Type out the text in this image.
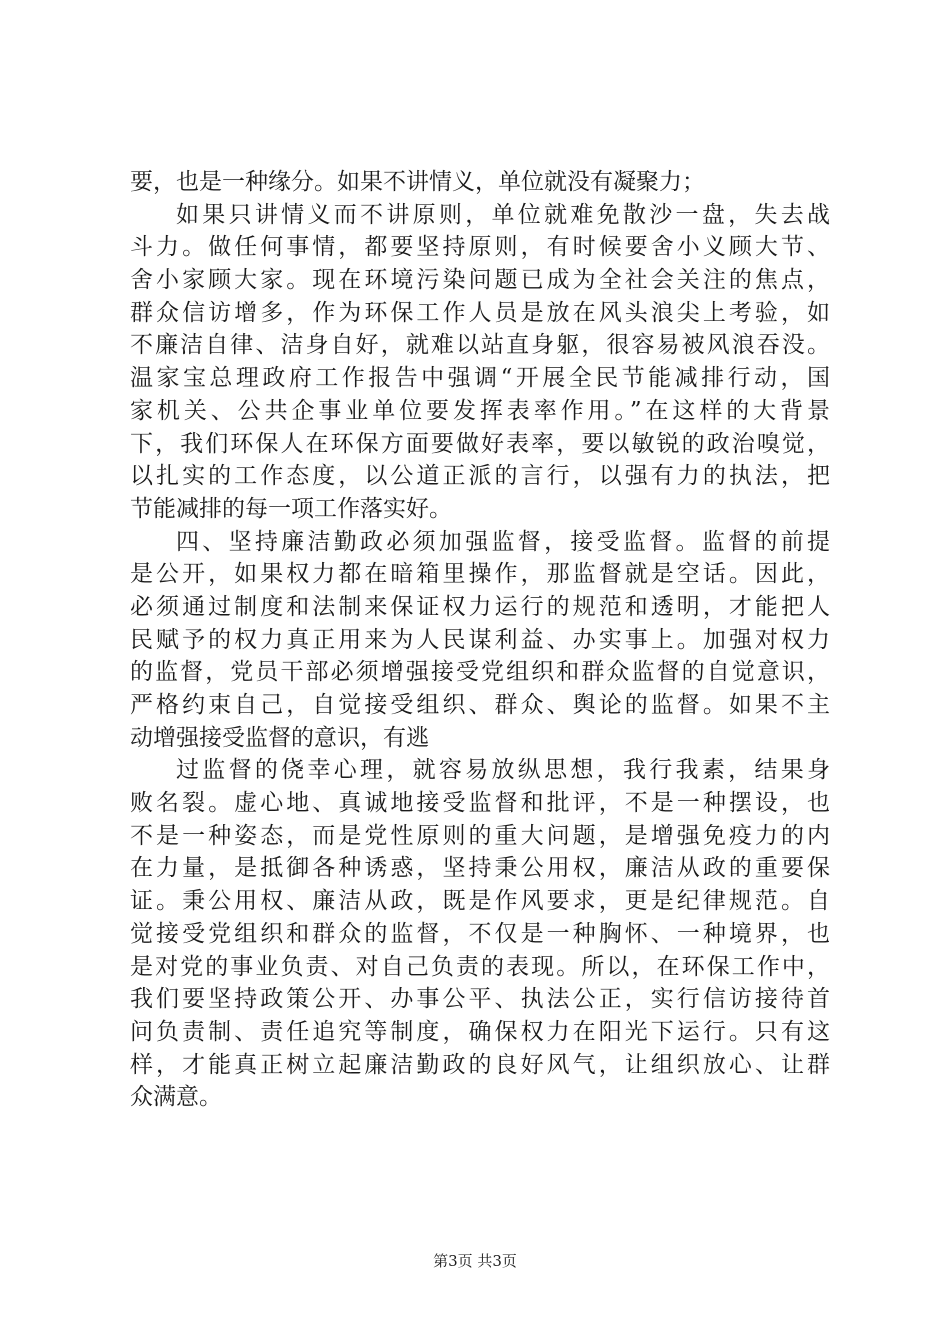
要，也是一种缘分。如果不讲情义，单位就没有凝聚力；
如果只讲情义而不讲原则，单位就难免散沙一盘，失去战
斗力。做任何事情，都要坚持原则，有时候要舍小义顾大节、
舍小家顾大家。现在环境污染问题已成为全社会关注的焦点，
群众信访增多，作为环保工作人员是放在风头浪尖上考验，如
不廉洁自律、洁身自好，就难以站直身躯，很容易被风浪吞没。
温家宝总理政府工作报告中强调“开展全民节能减排行动，国
家机关、公共企事业单位要发挥表率作用。”在这样的大背景
下，我们环保人在环保方面要做好表率，要以敏锐的政治嗅觉，
以扎实的工作态度，以公道正派的言行，以强有力的执法，把
节能减排的每一项工作落实好。
四、坚持廉洁勤政必须加强监督，接受监督。监督的前提
是公开，如果权力都在暗箱里操作，那监督就是空话。因此，
必须通过制度和法制来保证权力运行的规范和透明，才能把人
民赋予的权力真正用来为人民谋利益、办实事上。加强对权力
的监督，党员干部必须增强接受党组织和群众监督的自觉意识，
严格约束自己，自觉接受组织、群众、舆论的监督。如果不主
动增强接受监督的意识，有逃
过监督的侥幸心理，就容易放纵思想，我行我素，结果身
败名裂。虚心地、真诚地接受监督和批评，不是一种摆设，也
不是一种姿态，而是党性原则的重大问题，是增强免疫力的内
在力量，是抵御各种诱惑，坚持秉公用权，廉洁从政的重要保
证。秉公用权、廉洁从政，既是作风要求，更是纪律规范。自
觉接受党组织和群众的监督，不仅是一种胸怀、一种境界，也
是对党的事业负责、对自己负责的表现。所以，在环保工作中，
我们要坚持政策公开、办事公平、执法公正，实行信访接待首
问负责制、责任追究等制度，确保权力在阳光下运行。只有这
样，才能真正树立起廉洁勤政的良好风气，让组织放心、让群
众满意。
第3页 共3页
